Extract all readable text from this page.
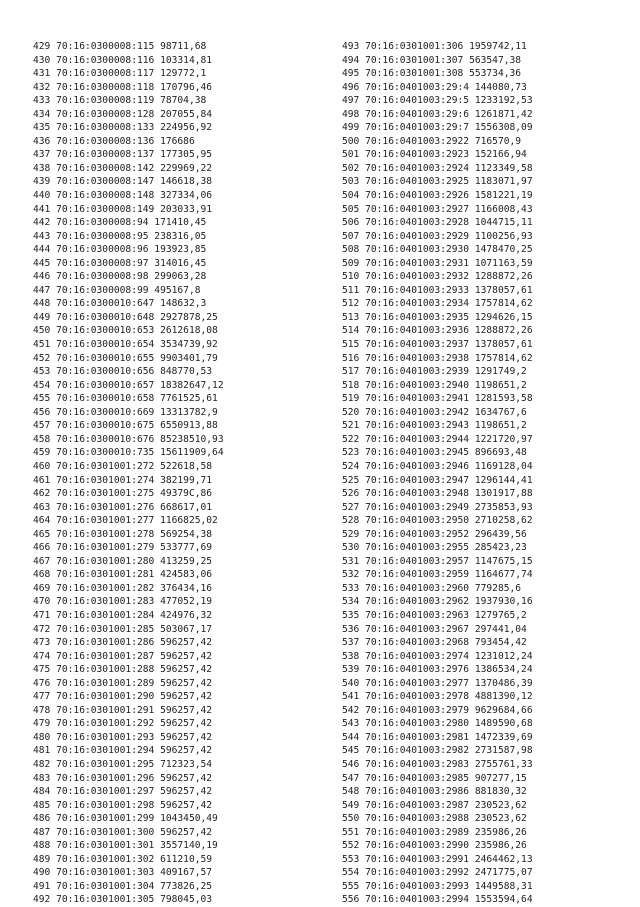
429 70:16:0300008:115 98711,68
430 70:16:0300008:116 103314,81
431 70:16:0300008:117 129772,1
432 70:16:0300008:118 170796,46
433 70:16:0300008:119 78704,38
434 70:16:0300008:128 207055,84
435 70:16:0300008:133 224956,92
436 70:16:0300008:136 176686
437 70:16:0300008:137 177305,95
438 70:16:0300008:142 229969,22
439 70:16:0300008:147 146618,38
440 70:16:0300008:148 327334,06
441 70:16:0300008:149 203033,91
442 70:16:0300008:94 171410,45
443 70:16:0300008:95 238316,05
444 70:16:0300008:96 193923,85
445 70:16:0300008:97 314016,45
446 70:16:0300008:98 299063,28
447 70:16:0300008:99 495167,8
448 70:16:0300010:647 148632,3
449 70:16:0300010:648 2927878,25
450 70:16:0300010:653 2612618,08
451 70:16:0300010:654 3534739,92
452 70:16:0300010:655 9903401,79
453 70:16:0300010:656 848770,53
454 70:16:0300010:657 18382647,12
455 70:16:0300010:658 7761525,61
456 70:16:0300010:669 13313782,9
457 70:16:0300010:675 6550913,88
458 70:16:0300010:676 85238510,93
459 70:16:0300010:735 15611909,64
460 70:16:0301001:272 522618,58
461 70:16:0301001:274 382199,71
462 70:16:0301001:275 49379C,86
463 70:16:0301001:276 668617,01
464 70:16:0301001:277 1166825,02
465 70:16:0301001:278 569254,38
466 70:16:0301001:279 533777,69
467 70:16:0301001:280 413259,25
468 70:16:0301001:281 424583,06
469 70:16:0301001:282 376434,16
470 70:16:0301001:283 477052,19
471 70:16:0301001:284 424976,32
472 70:16:0301001:285 503067,17
473 70:16:0301001:286 596257,42
474 70:16:0301001:287 596257,42
475 70:16:0301001:288 596257,42
476 70:16:0301001:289 596257,42
477 70:16:0301001:290 596257,42
478 70:16:0301001:291 596257,42
479 70:16:0301001:292 596257,42
480 70:16:0301001:293 596257,42
481 70:16:0301001:294 596257,42
482 70:16:0301001:295 712323,54
483 70:16:0301001:296 596257,42
484 70:16:0301001:297 596257,42
485 70:16:0301001:298 596257,42
486 70:16:0301001:299 1043450,49
487 70:16:0301001:300 596257,42
488 70:16:0301001:301 3557140,19
489 70:16:0301001:302 611210,59
490 70:16:0301001:303 409167,57
491 70:16:0301001:304 773826,25
492 70:16:0301001:305 798045,03
493 70:16:0301001:306 1959742,11
494 70:16:0301001:307 563547,38
495 70:16:0301001:308 553734,36
496 70:16:0401003:29:4 144080,73
497 70:16:0401003:29:5 1233192,53
498 70:16:0401003:29:6 1261871,42
499 70:16:0401003:29:7 1556308,09
500 70:16:0401003:2922 716570,9
501 70:16:0401003:2923 152166,94
502 70:16:0401003:2924 1123349,58
503 70:16:0401003:2925 1183071,97
504 70:16:0401003:2926 1581221,19
505 70:16:0401003:2927 1166008,43
506 70:16:0401003:2928 1044715,11
507 70:16:0401003:2929 1100256,93
508 70:16:0401003:2930 1478470,25
509 70:16:0401003:2931 1071163,59
510 70:16:0401003:2932 1288872,26
511 70:16:0401003:2933 1378057,61
512 70:16:0401003:2934 1757814,62
513 70:16:0401003:2935 1294626,15
514 70:16:0401003:2936 1288872,26
515 70:16:0401003:2937 1378057,61
516 70:16:0401003:2938 1757814,62
517 70:16:0401003:2939 1291749,2
518 70:16:0401003:2940 1198651,2
519 70:16:0401003:2941 1281593,58
520 70:16:0401003:2942 1634767,6
521 70:16:0401003:2943 1198651,2
522 70:16:0401003:2944 1221720,97
523 70:16:0401003:2945 896693,48
524 70:16:0401003:2946 1169128,04
525 70:16:0401003:2947 1296144,41
526 70:16:0401003:2948 1301917,88
527 70:16:0401003:2949 2735853,93
528 70:16:0401003:2950 2710258,62
529 70:16:0401003:2952 296439,56
530 70:16:0401003:2955 285423,23
531 70:16:0401003:2957 1147675,15
532 70:16:0401003:2959 1164677,74
533 70:16:0401003:2960 779285,6
534 70:16:0401003:2962 1937930,16
535 70:16:0401003:2963 1279765,2
536 70:16:0401003:2967 297441,04
537 70:16:0401003:2968 793454,42
538 70:16:0401003:2974 1231012,24
539 70:16:0401003:2976 1386534,24
540 70:16:0401003:2977 1370486,39
541 70:16:0401003:2978 4881390,12
542 70:16:0401003:2979 9629684,66
543 70:16:0401003:2980 1489590,68
544 70:16:0401003:2981 1472339,69
545 70:16:0401003:2982 2731587,98
546 70:16:0401003:2983 2755761,33
547 70:16:0401003:2985 907277,15
548 70:16:0401003:2986 881830,32
549 70:16:0401003:2987 230523,62
550 70:16:0401003:2988 230523,62
551 70:16:0401003:2989 235986,26
552 70:16:0401003:2990 235986,26
553 70:16:0401003:2991 2464462,13
554 70:16:0401003:2992 2471775,07
555 70:16:0401003:2993 1449588,31
556 70:16:0401003:2994 1553594,64
